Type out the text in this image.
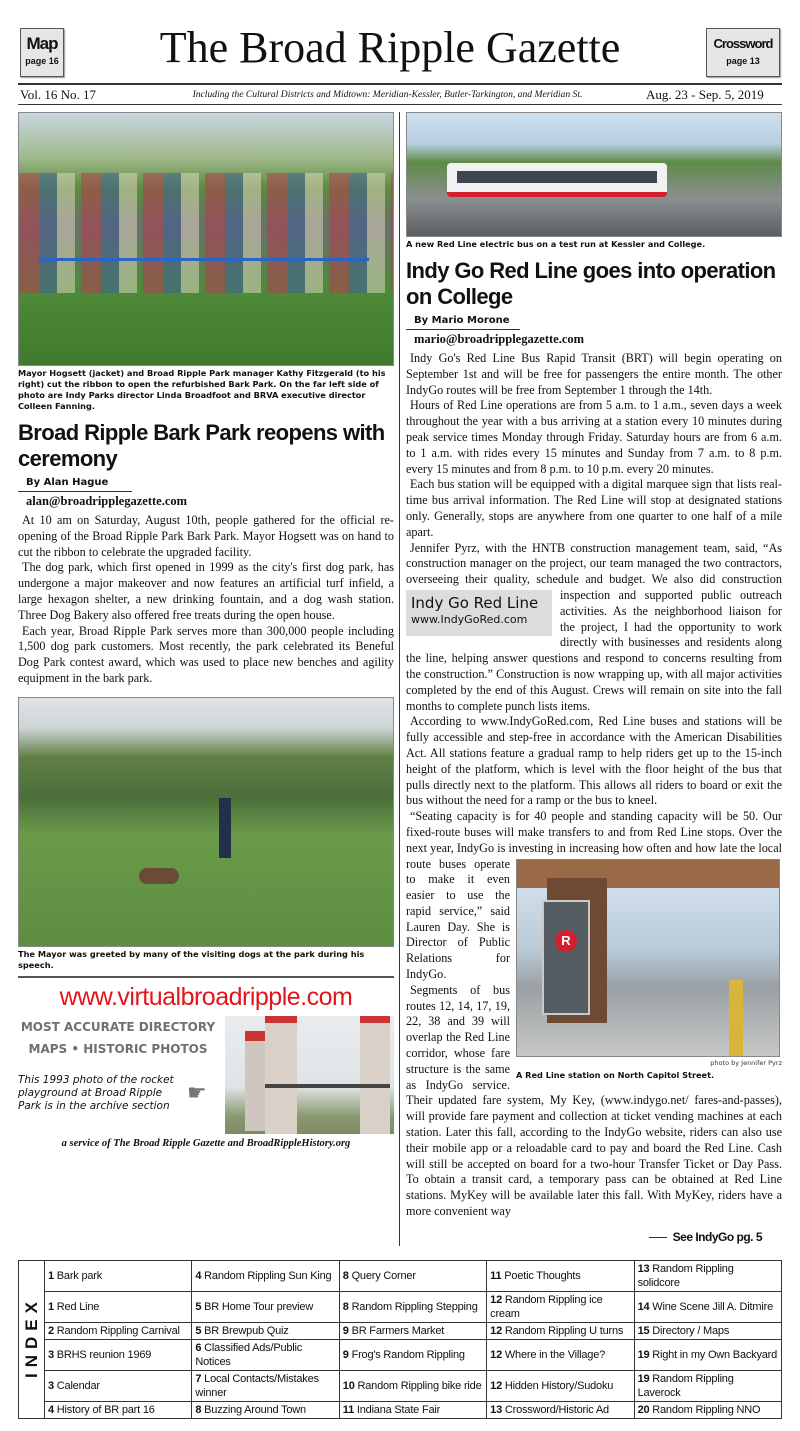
Map
page 16	The Broad Ripple Gazette	Crossword
page 13
Vol. 16 No. 17	Including the Cultural Districts and Midtown: Meridian-Kessler, Butler-Tarkington, and Meridian St.	Aug. 23 - Sep. 5, 2019
Mayor Hogsett (jacket) and Broad Ripple Park manager Kathy Fitzgerald (to his right) cut the ribbon to open the refurbished Bark Park. On the far left side of photo are Indy Parks director Linda Broadfoot and BRVA executive director Colleen Fanning.
Broad Ripple Bark Park reopens with ceremony
By Alan Hague
alan@broadripplegazette.com

At 10 am on Saturday, August 10th, people gathered for the official re-opening of the Broad Ripple Park Bark Park. Mayor Hogsett was on hand to cut the ribbon to celebrate the upgraded facility.

The dog park, which first opened in 1999 as the city's first dog park, has undergone a major makeover and now features an artificial turf infield, a large hexagon shelter, a new drinking fountain, and a dog wash station. Three Dog Bakery also offered free treats during the open house.

Each year, Broad Ripple Park serves more than 300,000 people including 1,500 dog park customers. Most recently, the park celebrated its Beneful Dog Park contest award, which was used to place new benches and agility equipment in the bark park.

The Mayor was greeted by many of the visiting dogs at the park during his speech.
www.virtualbroadripple.com
MOST ACCURATE DIRECTORY
MAPS • HISTORIC PHOTOS
This 1993 photo of the rocket playground at Broad Ripple Park is in the archive section
☛
a service of The Broad Ripple Gazette and BroadRippleHistory.org
A new Red Line electric bus on a test run at Kessler and College.
Indy Go Red Line goes into operation on College
By Mario Morone
mario@broadripplegazette.com

Indy Go's Red Line Bus Rapid Transit (BRT) will begin operating on September 1st and will be free for passengers the entire month. The other IndyGo routes will be free from September 1 through the 14th.

Hours of Red Line operations are from 5 a.m. to 1 a.m., seven days a week throughout the year with a bus arriving at a station every 10 minutes during peak service times Monday through Friday. Saturday hours are from 6 a.m. to 1 a.m. with rides every 15 minutes and Sunday from 7 a.m. to 8 p.m. every 15 minutes and from 8 p.m. to 10 p.m. every 20 minutes.

Each bus station will be equipped with a digital marquee sign that lists real-time bus arrival information. The Red Line will stop at designated stations only. Generally, stops are anywhere from one quarter to one half of a mile apart.

Jennifer Pyrz, with the HNTB construction management team, said, “As construction manager on the project, our team managed the two contractors, overseeing their quality, schedule and budget. We also did construction inspection
Indy Go Red Line
www.IndyGoRed.com
and supported public outreach activities. As the neighborhood liaison for the project, I had the opportunity to work directly with businesses and residents along the line, helping answer questions and respond to concerns resulting from the construction.” Construction is now wrapping up, with all major activities completed by the end of this August. Crews will remain on site into the fall months to complete punch lists items.

According to www.IndyGoRed.com, Red Line buses and stations will be fully accessible and step-free in accordance with the American Disabilities Act. All stations feature a gradual ramp to help riders get up to the 15-inch height of the platform, which is level with the floor height of the bus that pulls directly next to the platform. This allows all riders to board or exit the bus without the need for a ramp or the bus to kneel.

“Seating capacity is for 40 people and standing capacity will be 50. Our fixed-route buses will make transfers to and from Red Line stops. Over the next year, IndyGo is investing in increasing how often and how late the local route buses
R
photo by Jennifer Pyrz
A Red Line station on North Capitol Street.
operate to make it even easier to use the rapid service,” said Lauren Day. She is Director of Public Relations for IndyGo.

Segments of bus routes 12, 14, 17, 19, 22, 38 and 39 will overlap the Red Line corridor, whose fare structure is the same as IndyGo service. Their updated fare system, My Key, (www.indygo.net/ fares-and-passes), will provide fare payment and collection at ticket vending machines at each station. Later this fall, according to the IndyGo website, riders can also use their mobile app or a reloadable card to pay and board the Red Line. Cash will still be accepted on board for a two-hour Transfer Ticket or Day Pass. To obtain a transit card, a temporary pass can be obtained at Red Line stations. MyKey will be available later this fall. With MyKey, riders have a more convenient way

See IndyGo pg. 5
INDEX	1 Bark park	4 Random Rippling Sun King	8 Query Corner	11 Poetic Thoughts	13 Random Rippling solidcore
	1 Red Line	5 BR Home Tour preview	8 Random Rippling Stepping	12 Random Rippling ice cream	14 Wine Scene Jill A. Ditmire
	2 Random Rippling Carnival	5 BR Brewpub Quiz	9 BR Farmers Market	12 Random Rippling U turns	15 Directory / Maps
	3 BRHS reunion 1969	6 Classified Ads/Public Notices	9 Frog's Random Rippling	12 Where in the Village?	19 Right in my Own Backyard
	3 Calendar	7 Local Contacts/Mistakes winner	10 Random Rippling bike ride	12 Hidden History/Sudoku	19 Random Rippling Laverock
	4 History of BR part 16	8 Buzzing Around Town	11 Indiana State Fair	13 Crossword/Historic Ad	20 Random Rippling NNO
